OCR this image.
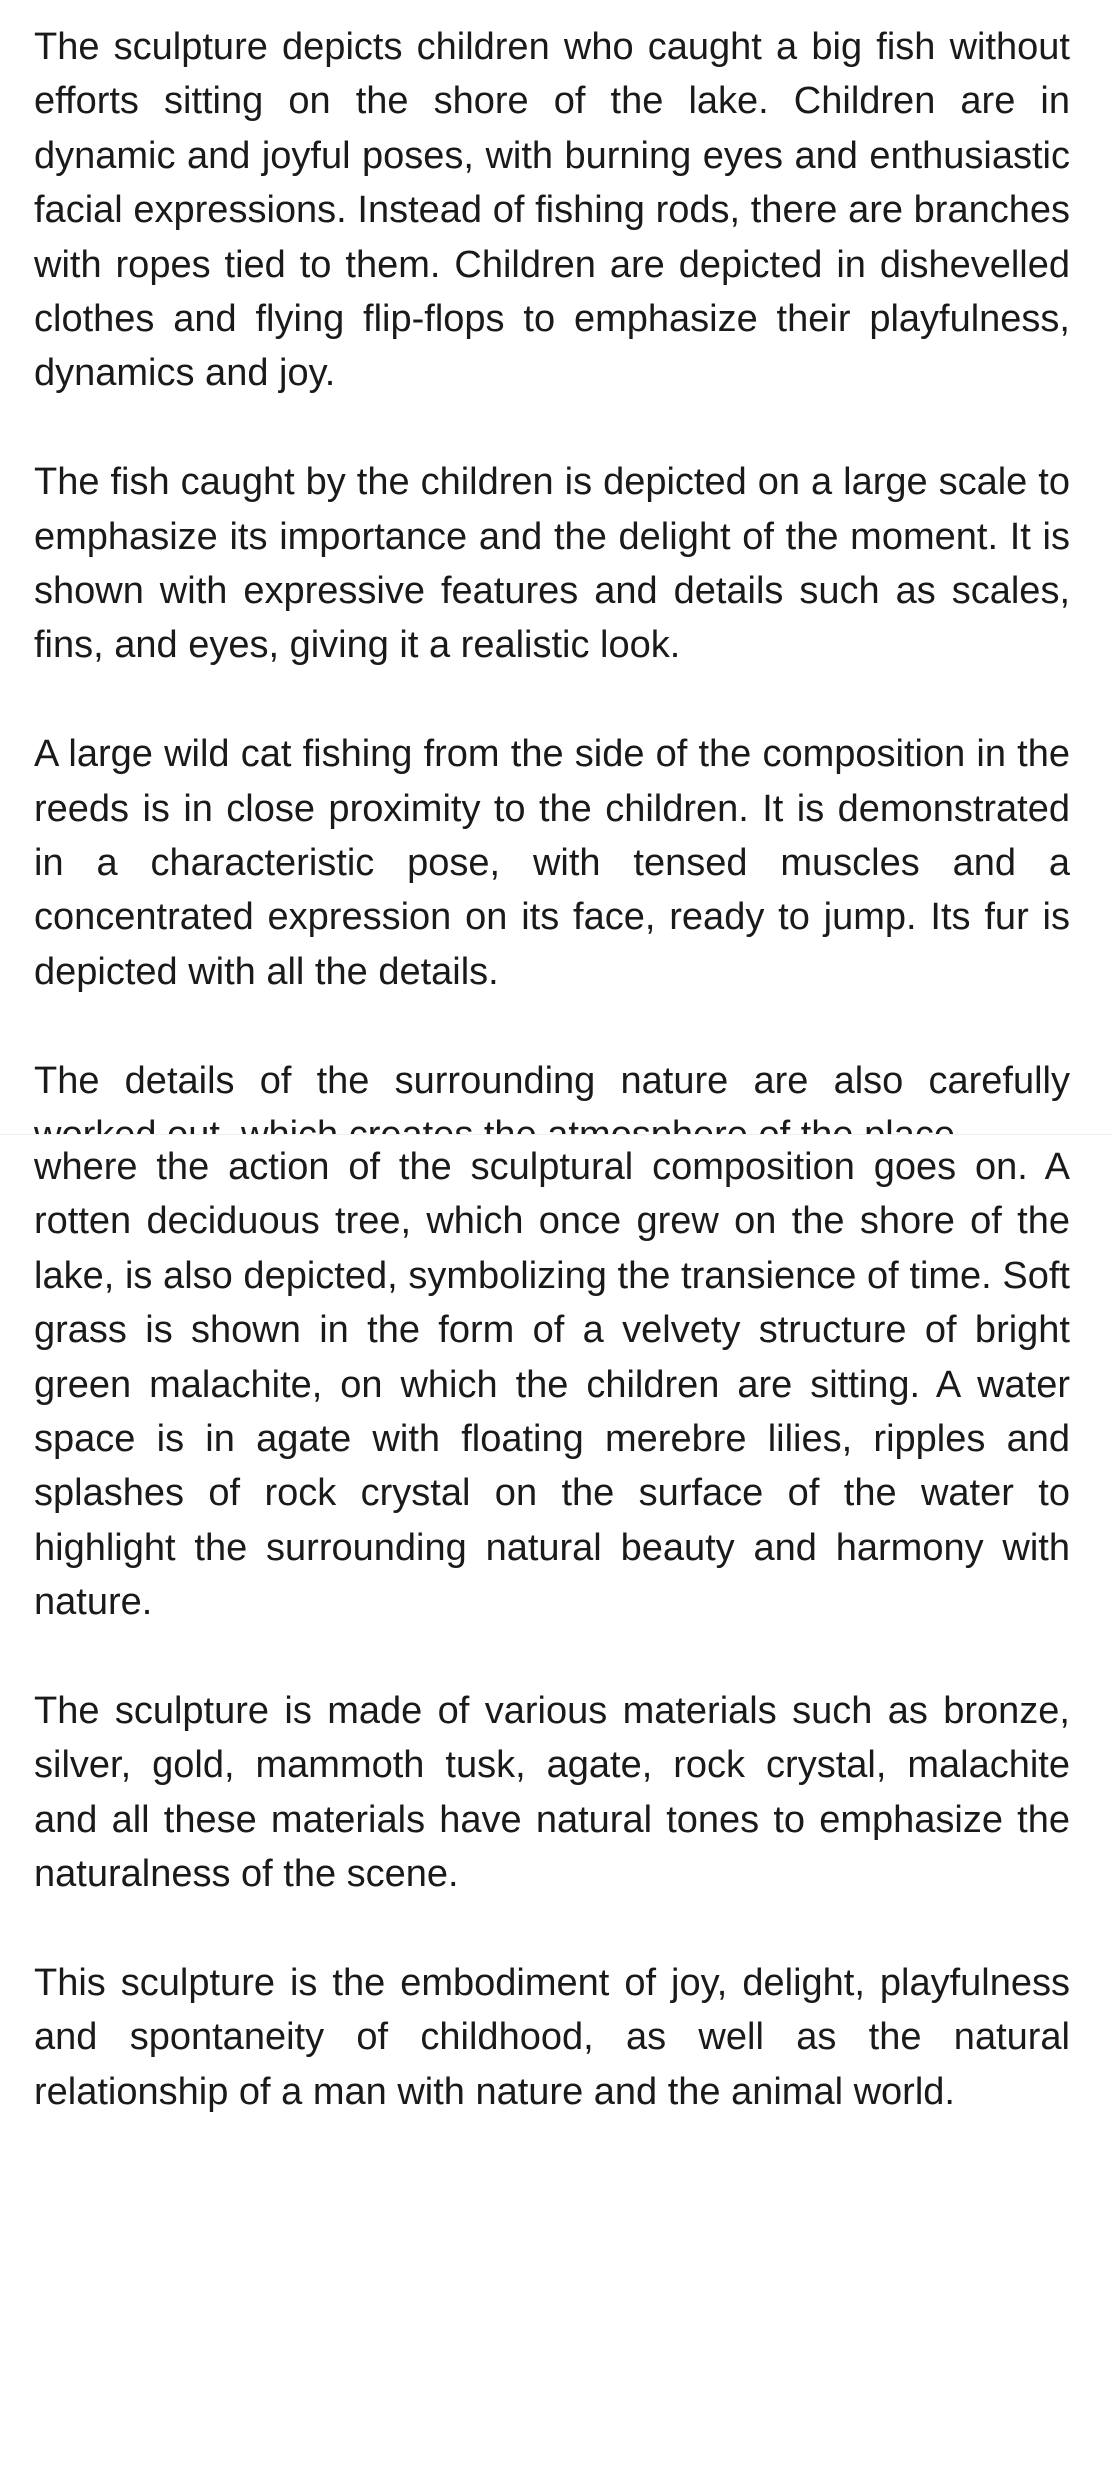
The sculpture depicts children who caught a big fish without efforts sitting on the shore of the lake. Children are in dynamic and joyful poses, with burning eyes and enthusiastic facial expressions. Instead of fishing rods, there are branches with ropes tied to them. Children are depicted in dishevelled clothes and flying flip-flops to emphasize their playfulness, dynamics and joy.

The fish caught by the children is depicted on a large scale to emphasize its importance and the delight of the moment. It is shown with expressive features and details such as scales, fins, and eyes, giving it a realistic look.

A large wild cat fishing from the side of the composition in the reeds is in close proximity to the children. It is demonstrated in a characteristic pose, with tensed muscles and a concentrated expression on its face, ready to jump. Its fur is depicted with all the details.

The details of the surrounding nature are also carefully

where the action of the sculptural composition goes on. A rotten deciduous tree, which once grew on the shore of the lake, is also depicted, symbolizing the transience of time. Soft grass is shown in the form of a velvety structure of bright green malachite, on which the children are sitting. A water space is in agate with floating merebre lilies, ripples and splashes of rock crystal on the surface of the water to highlight the surrounding natural beauty and harmony with nature.

The sculpture is made of various materials such as bronze, silver, gold, mammoth tusk, agate, rock crystal, malachite and all these materials have natural tones to emphasize the naturalness of the scene.

This sculpture is the embodiment of joy, delight, playfulness and spontaneity of childhood, as well as the natural relationship of a man with nature and the animal world.
